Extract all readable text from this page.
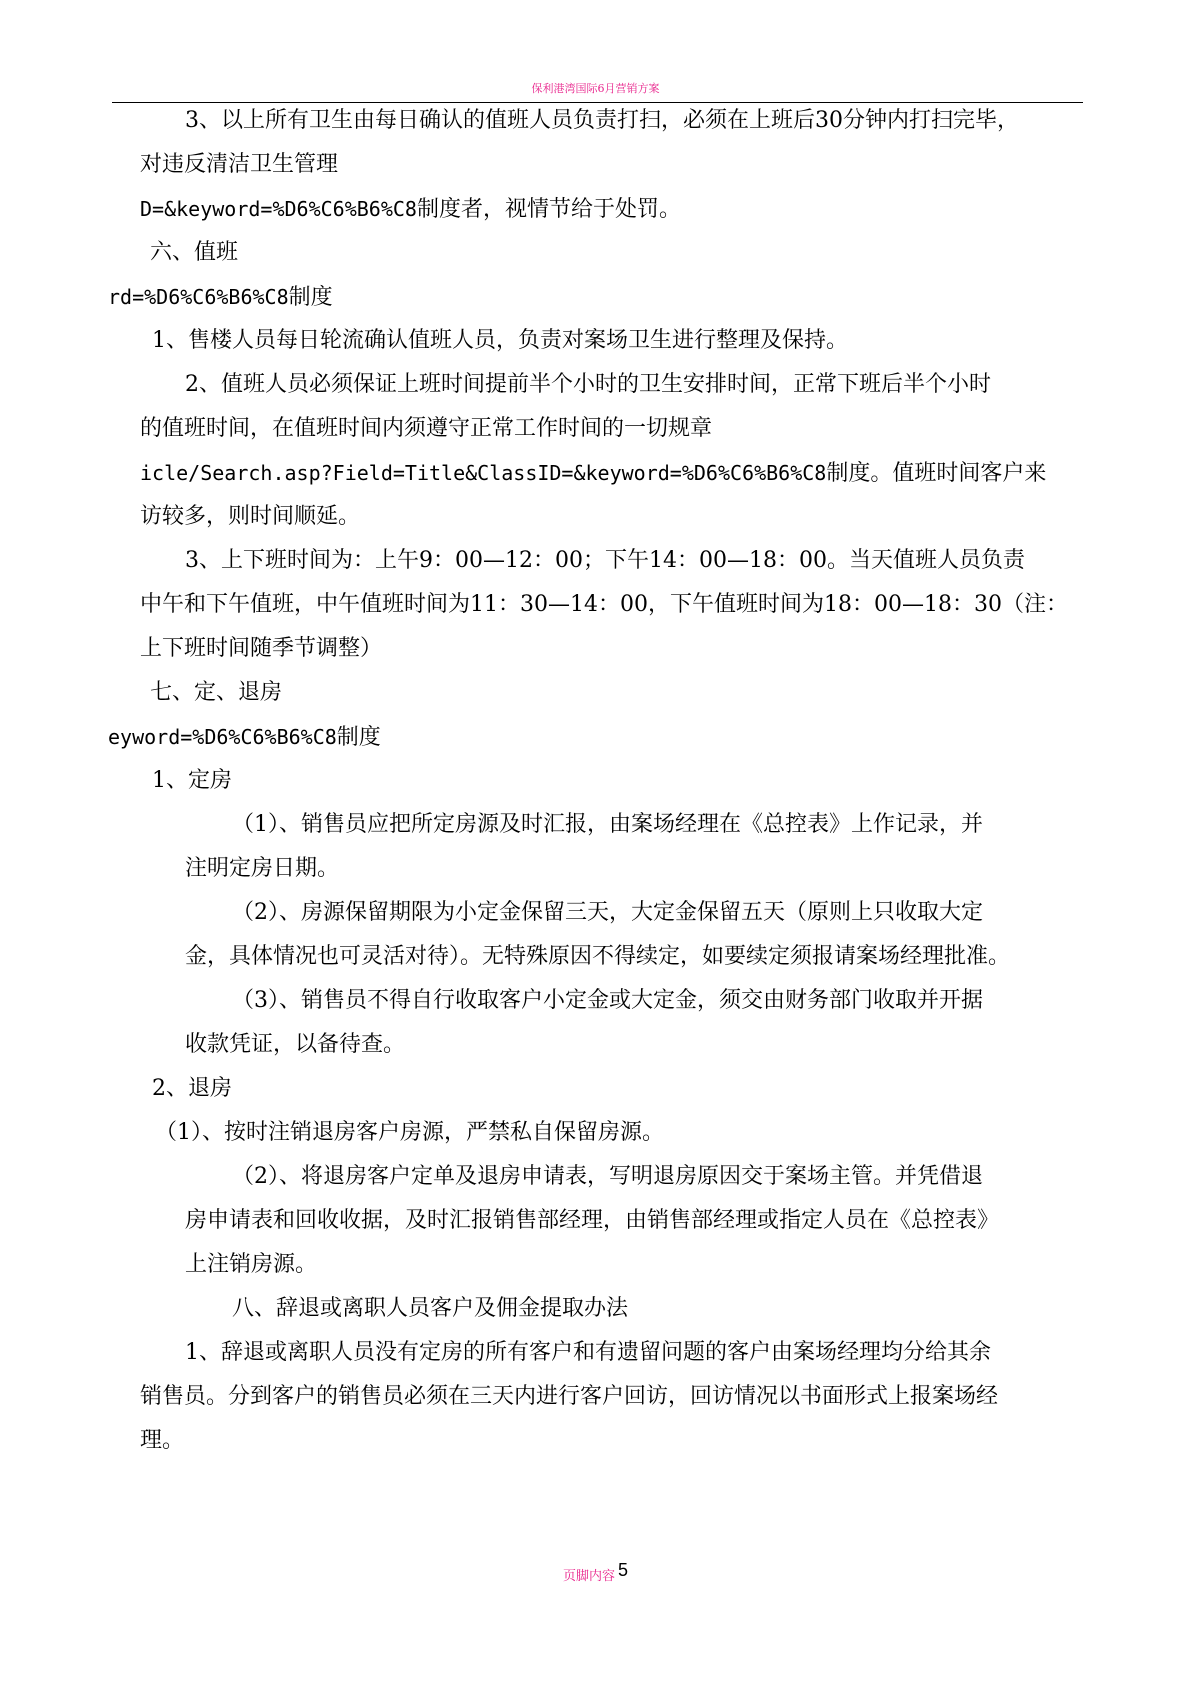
保利港湾国际6月营销方案
3、以上所有卫生由每日确认的值班人员负责打扫，必须在上班后30分钟内打扫完毕，
对违反清洁卫生管理
D=&keyword=%D6%C6%B6%C8制度者，视情节给于处罚。
六、值班
rd=%D6%C6%B6%C8制度
1、售楼人员每日轮流确认值班人员，负责对案场卫生进行整理及保持。
2、值班人员必须保证上班时间提前半个小时的卫生安排时间，正常下班后半个小时
的值班时间，在值班时间内须遵守正常工作时间的一切规章
icle/Search.asp?Field=Title&ClassID=&keyword=%D6%C6%B6%C8制度。值班时间客户来
访较多，则时间顺延。
3、上下班时间为：上午9：00—12：00；下午14：00—18：00。当天值班人员负责
中午和下午值班，中午值班时间为11：30—14：00，下午值班时间为18：00—18：30（注：
上下班时间随季节调整）
七、定、退房
eyword=%D6%C6%B6%C8制度
1、定房
（1）、销售员应把所定房源及时汇报，由案场经理在《总控表》上作记录，并
注明定房日期。
（2）、房源保留期限为小定金保留三天，大定金保留五天（原则上只收取大定
金，具体情况也可灵活对待）。无特殊原因不得续定，如要续定须报请案场经理批准。
（3）、销售员不得自行收取客户小定金或大定金，须交由财务部门收取并开据
收款凭证，以备待查。
2、退房
（1）、按时注销退房客户房源，严禁私自保留房源。
（2）、将退房客户定单及退房申请表，写明退房原因交于案场主管。并凭借退
房申请表和回收收据，及时汇报销售部经理，由销售部经理或指定人员在《总控表》
上注销房源。
八、辞退或离职人员客户及佣金提取办法
1、辞退或离职人员没有定房的所有客户和有遗留问题的客户由案场经理均分给其余
销售员。分到客户的销售员必须在三天内进行客户回访，回访情况以书面形式上报案场经
理。
页脚内容 5
